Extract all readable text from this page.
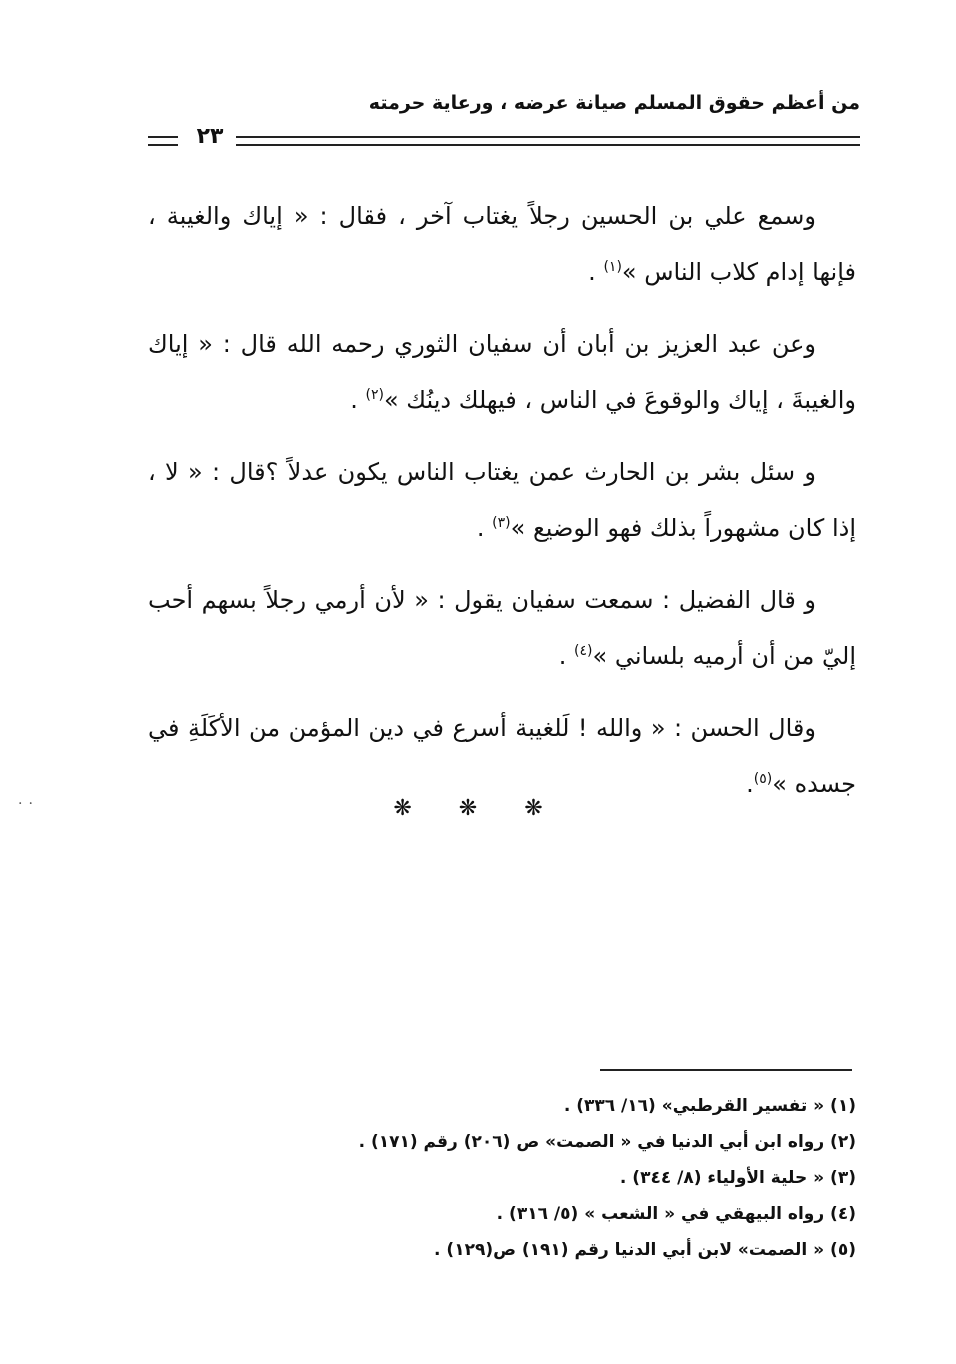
من أعظم حقوق المسلم صيانة عرضه ، ورعاية حرمته
٢٣

وسمع علي بن الحسين رجلاً يغتاب آخر ، فقال : « إياك والغيبة ، فإنها إدام كلاب الناس »$^{(١)}$ .

وعن عبد العزيز بن أبان أن سفيان الثوري رحمه الله قال : « إياك والغيبةَ ، إياك والوقوعَ في الناس ، فيهلك دينُك »$^{(٢)}$ .

و سئل بشر بن الحارث عمن يغتاب الناس يكون عدلاً ؟قال : « لا ، إذا كان مشهوراً بذلك فهو الوضيع »$^{(٣)}$ .

و قال الفضيل : سمعت سفيان يقول : « لأن أرمي رجلاً بسهم أحب إليّ من أن أرميه بلساني »$^{(٤)}$ .

وقال الحسن : « والله ! لَلغيبة أسرع في دين المؤمن من الأكَلَةِ في جسده »$^{(٥)}$.

..	❋ ❋ ❋

(١) « تفسير القرطبي» (١٦/ ٣٣٦) .

(٢) رواه ابن أبي الدنيا في « الصمت» ص (٢٠٦) رقم (١٧١) .

(٣) « حلية الأولياء (٨/ ٣٤٤) .

(٤) رواه البيهقي في « الشعب » (٥/ ٣١٦) .

(٥) « الصمت» لابن أبي الدنيا رقم (١٩١) ص(١٢٩) .
